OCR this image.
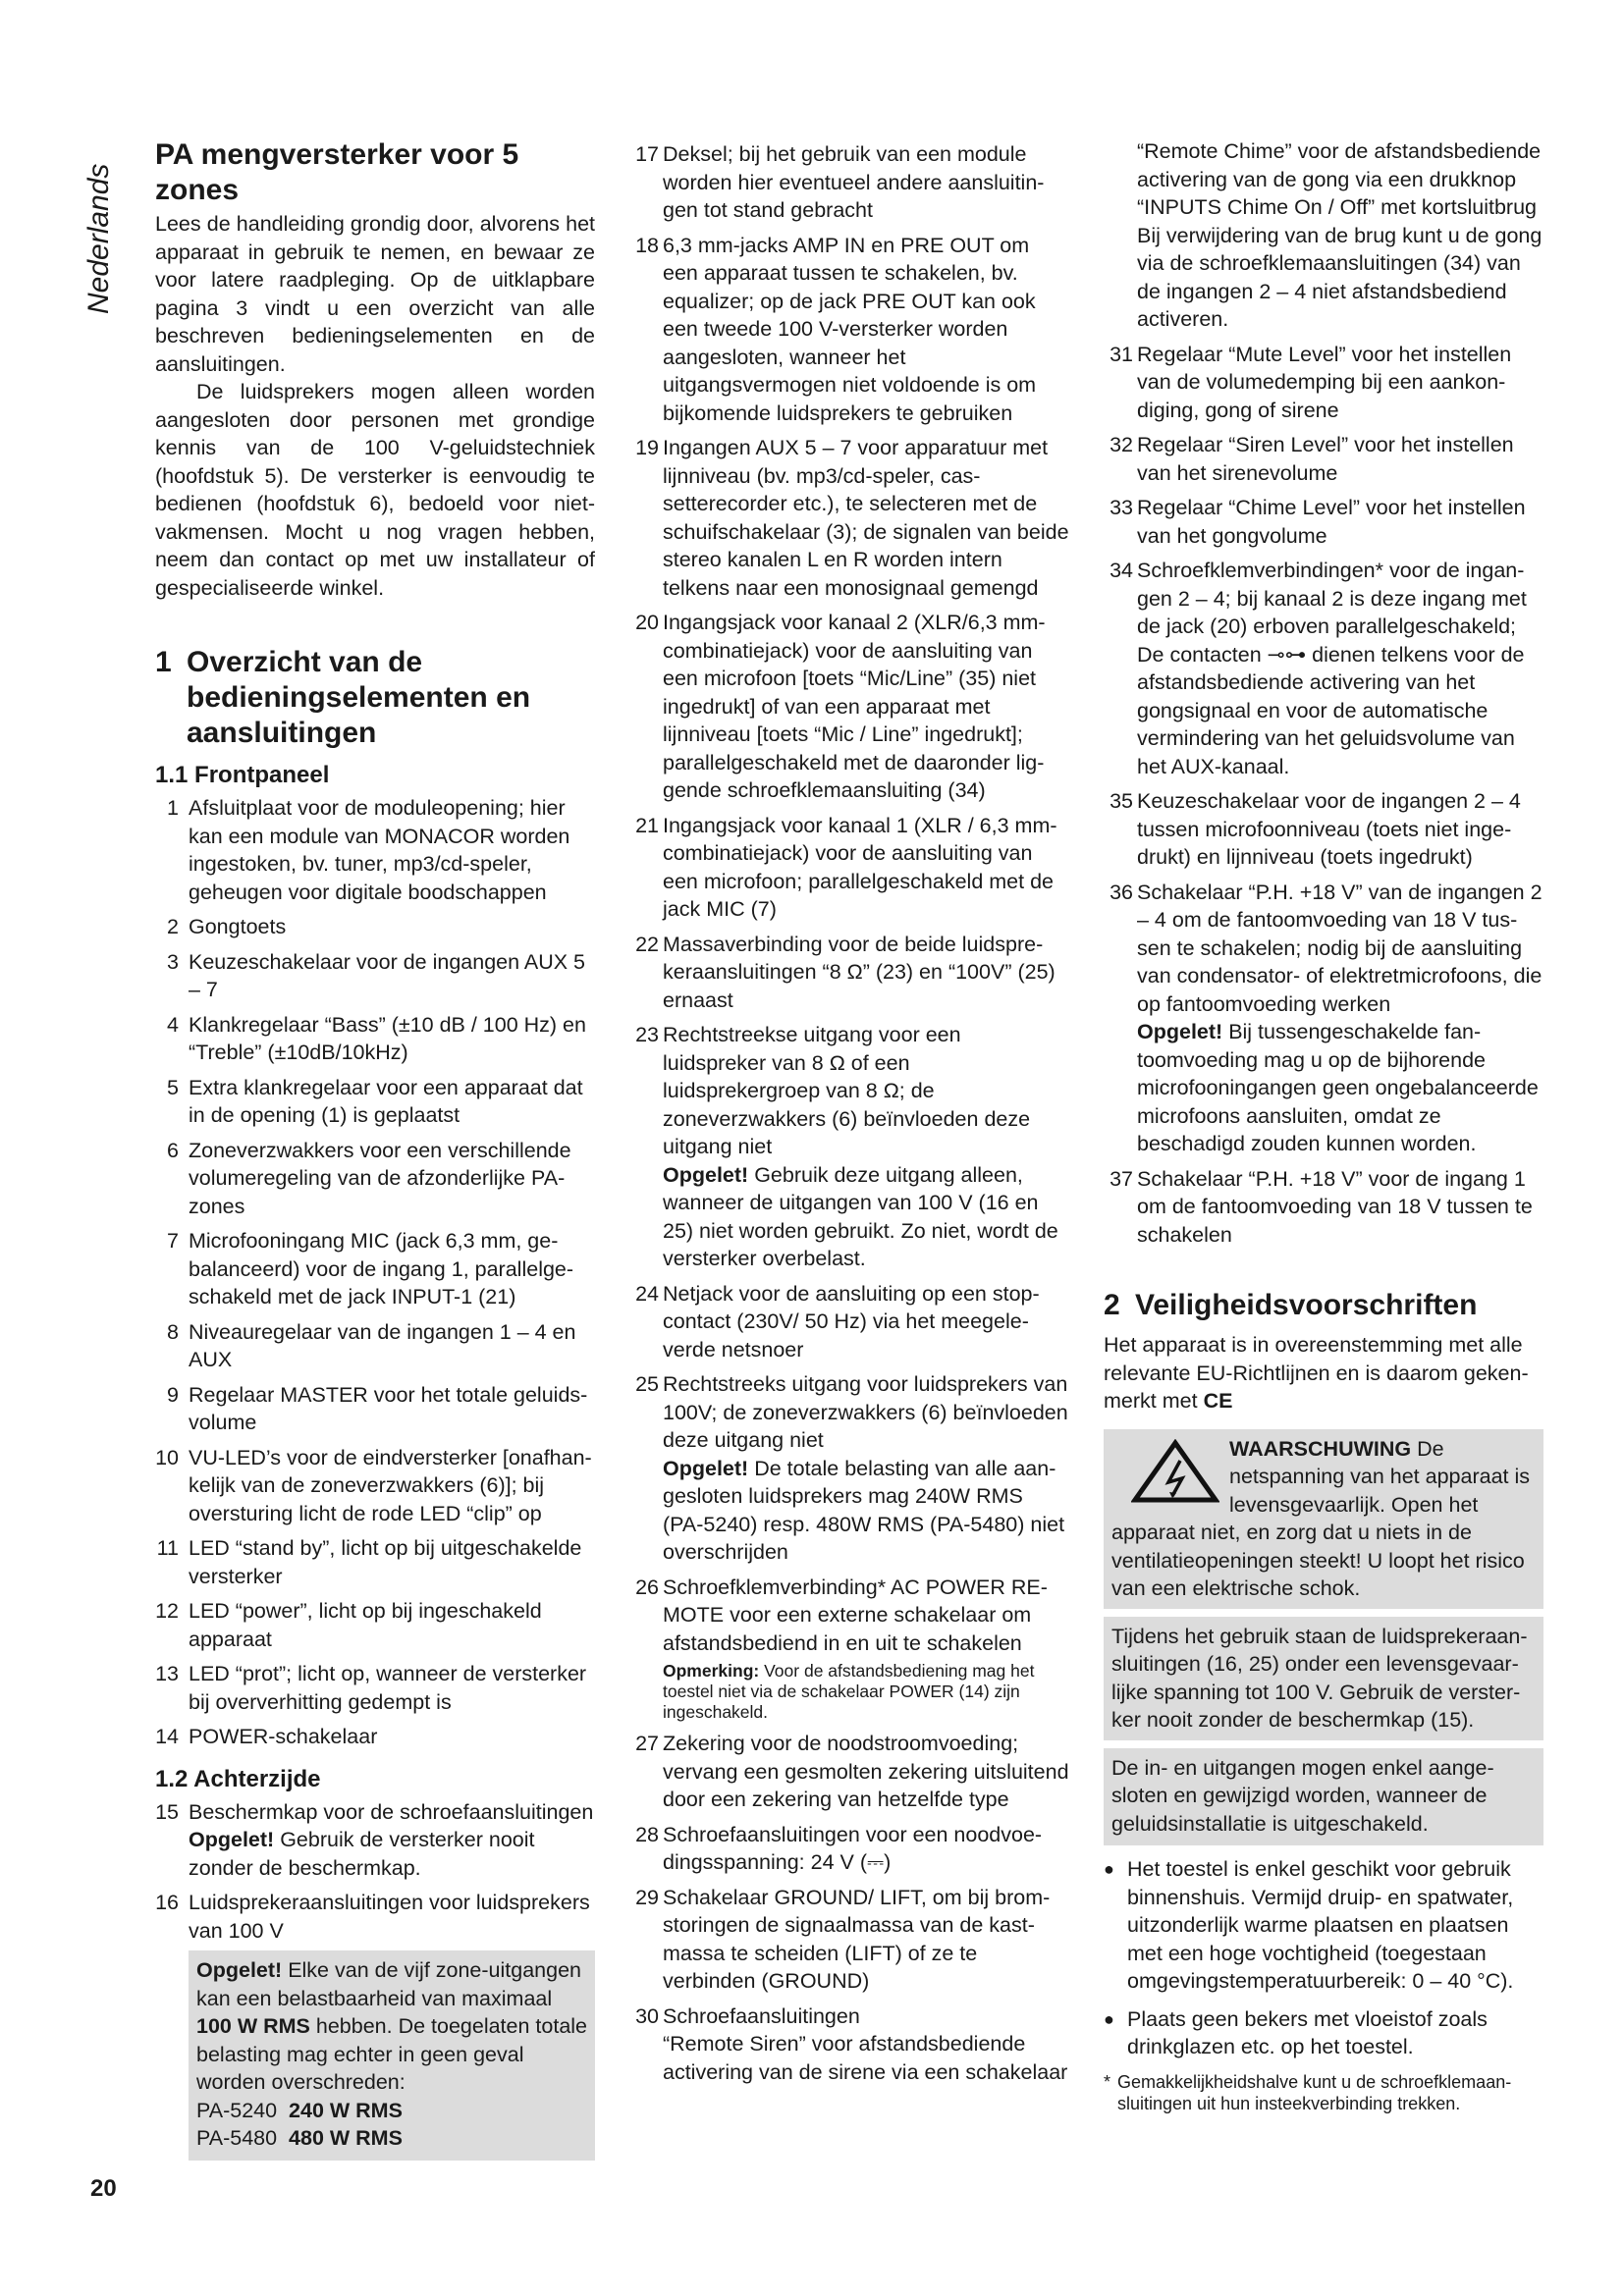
Nederlands
PA mengversterker voor 5 zones

Lees de handleiding grondig door, alvorens het apparaat in gebruik te nemen, en bewaar ze voor latere raadpleging. Op de uitklapbare pagina 3 vindt u een overzicht van alle beschreven bedieningselementen en de aansluitingen.

De luidsprekers mogen alleen worden aangesloten door personen met grondige kennis van de 100 V-geluidstechniek (hoofdstuk 5). De versterker is eenvoudig te bedienen (hoofdstuk 6), bedoeld voor niet-vakmensen. Mocht u nog vragen hebben, neem dan contact op met uw installateur of gespecialiseerde winkel.

1 Overzicht van de bedieningselementen en aansluitingen
1.1 Frontpaneel
1 Afsluitplaat voor de moduleopening; hier kan een module van MONACOR worden ingestoken, bv. tuner, mp3/cd-speler, geheugen voor digitale boodschappen
2 Gongtoets
3 Keuzeschakelaar voor de ingangen AUX 5 – 7
4 Klankregelaar “Bass” (±10 dB / 100 Hz) en “Treble” (±10dB/10kHz)
5 Extra klankregelaar voor een apparaat dat in de opening (1) is geplaatst
6 Zoneverzwakkers voor een verschillende volumeregeling van de afzonderlijke PA-zones
7 Microfooningang MIC (jack 6,3 mm, gebalanceerd) voor de ingang 1, parallelgeschakeld met de jack INPUT-1 (21)
8 Niveauregelaar van de ingangen 1 – 4 en AUX
9 Regelaar MASTER voor het totale geluidsvolume
10 VU-LED’s voor de eindversterker [onafhankelijk van de zoneverzwakkers (6)]; bij oversturing licht de rode LED “clip” op
11 LED “stand by”, licht op bij uitgeschakelde versterker
12 LED “power”, licht op bij ingeschakeld apparaat
13 LED “prot”; licht op, wanneer de versterker bij oververhitting gedempt is
14 POWER-schakelaar
1.2 Achterzijde
15 Beschermkap voor de schroefaansluitingen
Opgelet! Gebruik de versterker nooit zonder de beschermkap.
16 Luidsprekeraansluitingen voor luidsprekers van 100 V

Opgelet! Elke van de vijf zone-uitgangen kan een belastbaarheid van maximaal 100 W RMS hebben. De toegelaten totale belasting mag echter in geen geval worden overschreden:

PA-5240 240 W RMS

PA-5480 480 W RMS

17 Deksel; bij het gebruik van een module worden hier eventueel andere aansluitingen tot stand gebracht
18 6,3 mm-jacks AMP IN en PRE OUT om een apparaat tussen te schakelen, bv. equalizer; op de jack PRE OUT kan ook een tweede 100 V-versterker worden aangesloten, wanneer het uitgangsvermogen niet voldoende is om bijkomende luidsprekers te gebruiken
19 Ingangen AUX 5 – 7 voor apparatuur met lijnniveau (bv. mp3/cd-speler, cassetterecorder etc.), te selecteren met de schuifschakelaar (3); de signalen van beide stereo kanalen L en R worden intern telkens naar een monosignaal gemengd
20 Ingangsjack voor kanaal 2 (XLR/6,3 mm-combinatiejack) voor de aansluiting van een microfoon [toets “Mic/Line” (35) niet ingedrukt] of van een apparaat met lijnniveau [toets “Mic / Line” ingedrukt]; parallelgeschakeld met de daaronder liggende schroefklemaansluiting (34)
21 Ingangsjack voor kanaal 1 (XLR / 6,3 mm-combinatiejack) voor de aansluiting van een microfoon; parallelgeschakeld met de jack MIC (7)
22 Massaverbinding voor de beide luidsprekeraansluitingen “8 Ω” (23) en “100V” (25) ernaast
23 Rechtstreekse uitgang voor een luidspreker van 8 Ω of een luidsprekergroep van 8 Ω; de zoneverzwakkers (6) beïnvloeden deze uitgang niet
Opgelet! Gebruik deze uitgang alleen, wanneer de uitgangen van 100 V (16 en 25) niet worden gebruikt. Zo niet, wordt de versterker overbelast.
24 Netjack voor de aansluiting op een stopcontact (230V/ 50 Hz) via het meegeleverde netsnoer
25 Rechtstreeks uitgang voor luidsprekers van 100V; de zoneverzwakkers (6) beïnvloeden deze uitgang niet
Opgelet! De totale belasting van alle aangesloten luidsprekers mag 240W RMS (PA-5240) resp. 480W RMS (PA-5480) niet overschrijden
26 Schroefklemverbinding* AC POWER REMOTE voor een externe schakelaar om afstandsbediend in en uit te schakelen
Opmerking: Voor de afstandsbediening mag het toestel niet via de schakelaar POWER (14) zijn ingeschakeld.
27 Zekering voor de noodstroomvoeding; vervang een gesmolten zekering uitsluitend door een zekering van hetzelfde type
28 Schroefaansluitingen voor een noodvoedingsspanning: 24 V (⎓)
29 Schakelaar GROUND/ LIFT, om bij bromstoringen de signaalmassa van de kastmassa te scheiden (LIFT) of ze te verbinden (GROUND)
30 Schroefaansluitingen
“Remote Siren” voor afstandsbediende activering van de sirene via een schakelaar
“Remote Chime” voor de afstandsbediende activering van de gong via een drukknop
“INPUTS Chime On / Off” met kortsluitbrug
Bij verwijdering van de brug kunt u de gong via de schroefklemaansluitingen (34) van de ingangen 2 – 4 niet afstandsbediend activeren.
31 Regelaar “Mute Level” voor het instellen van de volumedemping bij een aankondiging, gong of sirene
32 Regelaar “Siren Level” voor het instellen van het sirenevolume
33 Regelaar “Chime Level” voor het instellen van het gongvolume
34 Schroefklemverbindingen* voor de ingangen 2 – 4; bij kanaal 2 is deze ingang met de jack (20) erboven parallelgeschakeld; De contacten ⊸⊶ dienen telkens voor de afstandsbediende activering van het gongsignaal en voor de automatische vermindering van het geluidsvolume van het AUX-kanaal.
35 Keuzeschakelaar voor de ingangen 2 – 4 tussen microfoonniveau (toets niet ingedrukt) en lijnniveau (toets ingedrukt)
36 Schakelaar “P.H. +18 V” van de ingangen 2 – 4 om de fantoomvoeding van 18 V tussen te schakelen; nodig bij de aansluiting van condensator- of elektretmicrofoons, die op fantoomvoeding werken
Opgelet! Bij tussengeschakelde fantoomvoeding mag u op de bijhorende microfooningangen geen ongebalanceerde microfoons aansluiten, omdat ze beschadigd zouden kunnen worden.
37 Schakelaar “P.H. +18 V” voor de ingang 1 om de fantoomvoeding van 18 V tussen te schakelen
2 Veiligheidsvoorschriften

Het apparaat is in overeenstemming met alle relevante EU-Richtlijnen en is daarom gekenmerkt met CE

WAARSCHUWING De netspanning van het apparaat is levensgevaarlijk. Open het apparaat niet, en zorg dat u niets in de ventilatieopeningen steekt! U loopt het risico van een elektrische schok.

Tijdens het gebruik staan de luidsprekeraansluitingen (16, 25) onder een levensgevaarlijke spanning tot 100 V. Gebruik de versterker nooit zonder de beschermkap (15).

De in- en uitgangen mogen enkel aangesloten en gewijzigd worden, wanneer de geluidsinstallatie is uitgeschakeld.

● Het toestel is enkel geschikt voor gebruik binnenshuis. Vermijd druip- en spatwater, uitzonderlijk warme plaatsen en plaatsen met een hoge vochtigheid (toegestaan omgevingstemperatuurbereik: 0 – 40 °C).
● Plaats geen bekers met vloeistof zoals drinkglazen etc. op het toestel.
* Gemakkelijkheidshalve kunt u de schroefklemaansluitingen uit hun insteekverbinding trekken.
20
